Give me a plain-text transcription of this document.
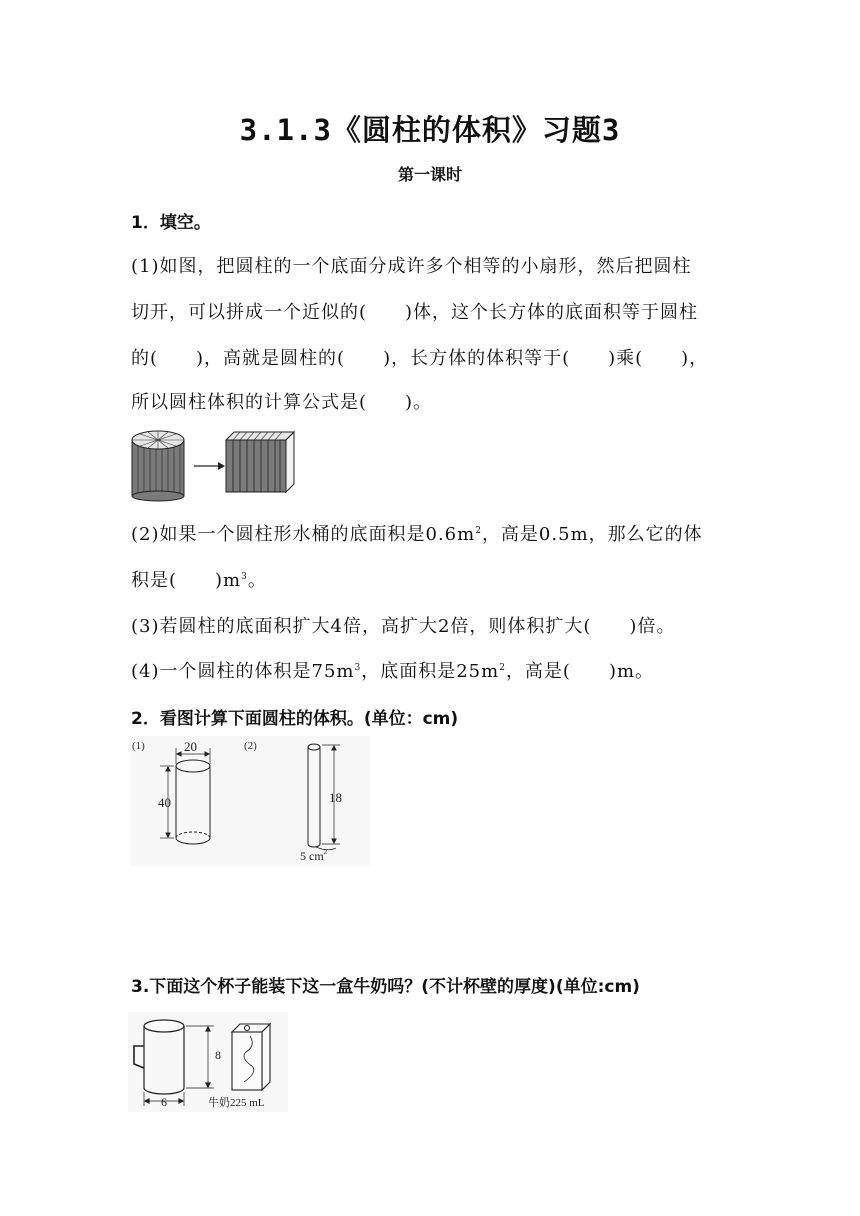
3.1.3《圆柱的体积》习题3
第一课时
1．填空。
(1)如图，把圆柱的一个底面分成许多个相等的小扇形，然后把圆柱
切开，可以拼成一个近似的(　　)体，这个长方体的底面积等于圆柱
的(　　)，高就是圆柱的(　　)，长方体的体积等于(　　)乘(　　)，
所以圆柱体积的计算公式是(　　)。
(2)如果一个圆柱形水桶的底面积是$0.6m^2$，高是0.5m，那么它的体
积是(　　)$m^3$。
(3)若圆柱的底面积扩大4倍，高扩大2倍，则体积扩大(　　)倍。
(4)一个圆柱的体积是$75m^3$，底面积是$25m^2$，高是(　　)m。
2．看图计算下面圆柱的体积。(单位：cm)
(1)	20
40
(2)
18
5 $cm^2$
3.下面这个杯子能装下这一盒牛奶吗？(不计杯壁的厚度)(单位:cm)
8
6	牛奶225 mL
